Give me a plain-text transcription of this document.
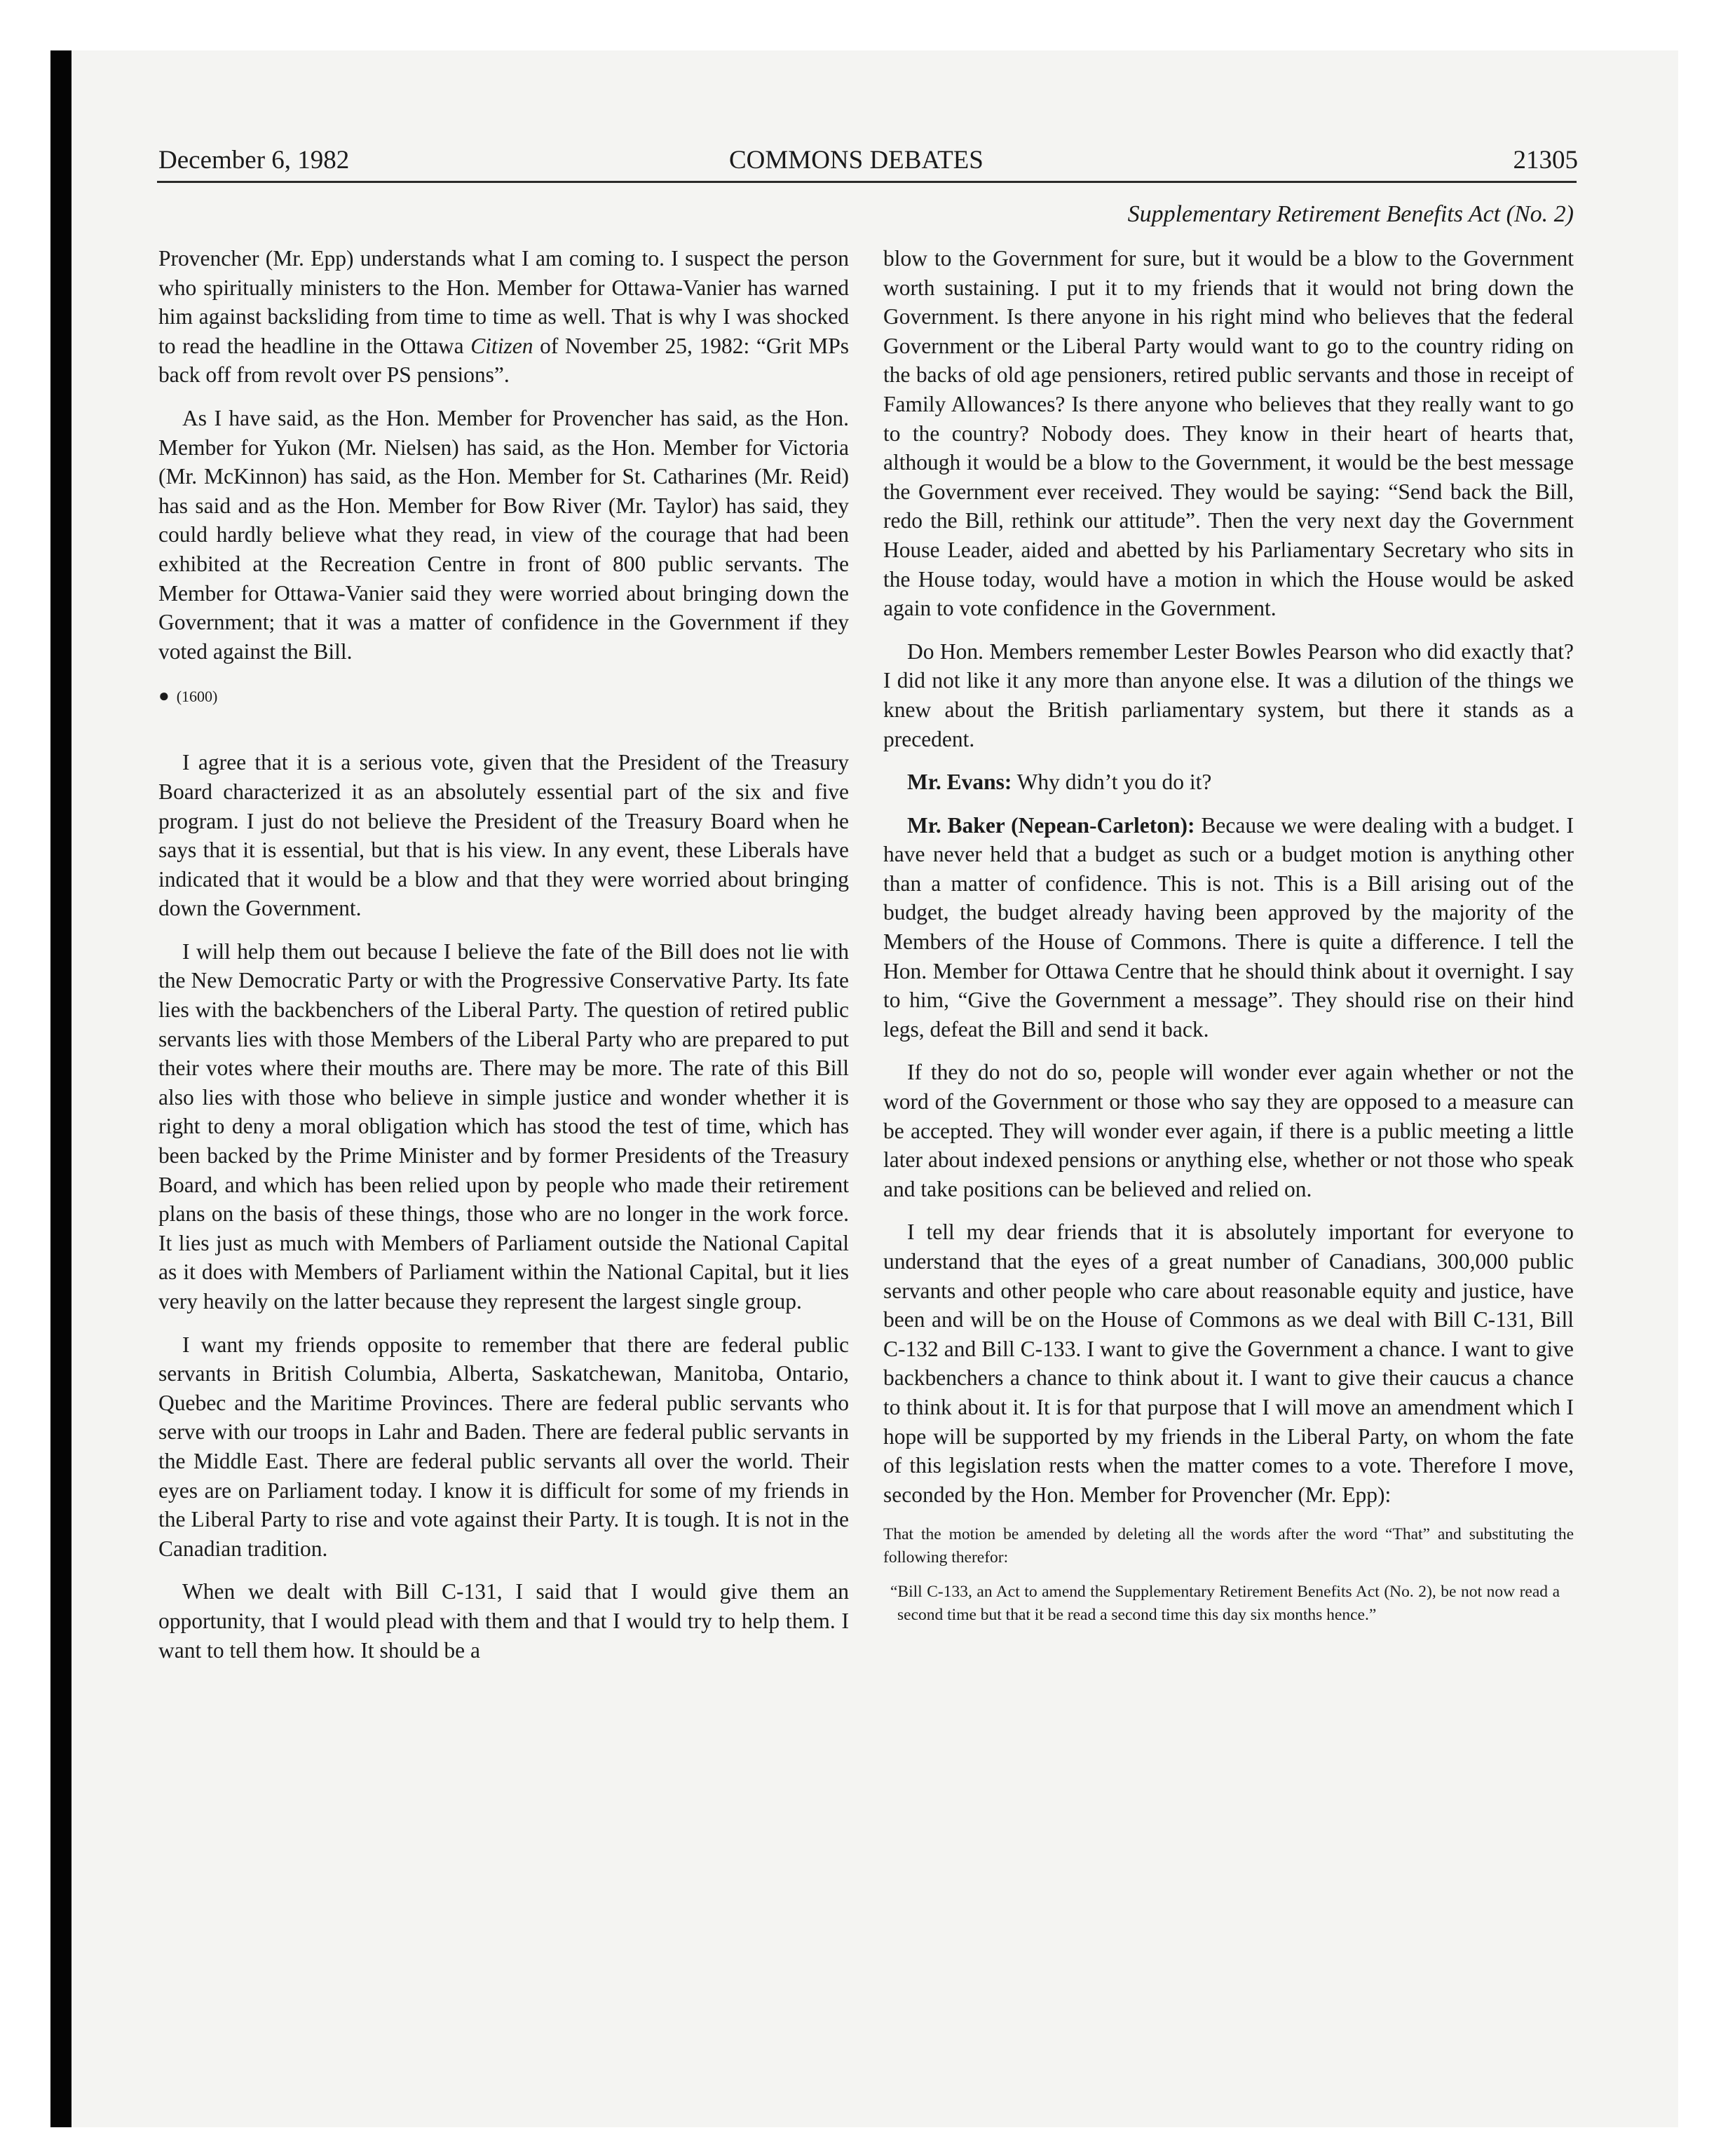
December 6, 1982	COMMONS DEBATES	21305
Supplementary Retirement Benefits Act (No. 2)

Provencher (Mr. Epp) understands what I am coming to. I suspect the person who spiritually ministers to the Hon. Member for Ottawa-Vanier has warned him against backsliding from time to time as well. That is why I was shocked to read the headline in the Ottawa Citizen of November 25, 1982: “Grit MPs back off from revolt over PS pensions”.

As I have said, as the Hon. Member for Provencher has said, as the Hon. Member for Yukon (Mr. Nielsen) has said, as the Hon. Member for Victoria (Mr. McKinnon) has said, as the Hon. Member for St. Catharines (Mr. Reid) has said and as the Hon. Member for Bow River (Mr. Taylor) has said, they could hardly believe what they read, in view of the courage that had been exhibited at the Recreation Centre in front of 800 public servants. The Member for Ottawa-Vanier said they were worried about bringing down the Government; that it was a matter of confidence in the Government if they voted against the Bill.

● (1600)

I agree that it is a serious vote, given that the President of the Treasury Board characterized it as an absolutely essential part of the six and five program. I just do not believe the President of the Treasury Board when he says that it is essential, but that is his view. In any event, these Liberals have indicated that it would be a blow and that they were worried about bringing down the Government.

I will help them out because I believe the fate of the Bill does not lie with the New Democratic Party or with the Progressive Conservative Party. Its fate lies with the backbenchers of the Liberal Party. The question of retired public servants lies with those Members of the Liberal Party who are prepared to put their votes where their mouths are. There may be more. The rate of this Bill also lies with those who believe in simple justice and wonder whether it is right to deny a moral obligation which has stood the test of time, which has been backed by the Prime Minister and by former Presidents of the Treasury Board, and which has been relied upon by people who made their retirement plans on the basis of these things, those who are no longer in the work force. It lies just as much with Members of Parliament outside the National Capital as it does with Members of Parliament within the National Capital, but it lies very heavily on the latter because they represent the largest single group.

I want my friends opposite to remember that there are federal public servants in British Columbia, Alberta, Saskatchewan, Manitoba, Ontario, Quebec and the Maritime Provinces. There are federal public servants who serve with our troops in Lahr and Baden. There are federal public servants in the Middle East. There are federal public servants all over the world. Their eyes are on Parliament today. I know it is difficult for some of my friends in the Liberal Party to rise and vote against their Party. It is tough. It is not in the Canadian tradition.

When we dealt with Bill C-131, I said that I would give them an opportunity, that I would plead with them and that I would try to help them. I want to tell them how. It should be a

blow to the Government for sure, but it would be a blow to the Government worth sustaining. I put it to my friends that it would not bring down the Government. Is there anyone in his right mind who believes that the federal Government or the Liberal Party would want to go to the country riding on the backs of old age pensioners, retired public servants and those in receipt of Family Allowances? Is there anyone who believes that they really want to go to the country? Nobody does. They know in their heart of hearts that, although it would be a blow to the Government, it would be the best message the Government ever received. They would be saying: “Send back the Bill, redo the Bill, rethink our attitude”. Then the very next day the Government House Leader, aided and abetted by his Parliamentary Secretary who sits in the House today, would have a motion in which the House would be asked again to vote confidence in the Government.

Do Hon. Members remember Lester Bowles Pearson who did exactly that? I did not like it any more than anyone else. It was a dilution of the things we knew about the British parliamentary system, but there it stands as a precedent.

Mr. Evans: Why didn’t you do it?

Mr. Baker (Nepean-Carleton): Because we were dealing with a budget. I have never held that a budget as such or a budget motion is anything other than a matter of confidence. This is not. This is a Bill arising out of the budget, the budget already having been approved by the majority of the Members of the House of Commons. There is quite a difference. I tell the Hon. Member for Ottawa Centre that he should think about it overnight. I say to him, “Give the Government a message”. They should rise on their hind legs, defeat the Bill and send it back.

If they do not do so, people will wonder ever again whether or not the word of the Government or those who say they are opposed to a measure can be accepted. They will wonder ever again, if there is a public meeting a little later about indexed pensions or anything else, whether or not those who speak and take positions can be believed and relied on.

I tell my dear friends that it is absolutely important for everyone to understand that the eyes of a great number of Canadians, 300,000 public servants and other people who care about reasonable equity and justice, have been and will be on the House of Commons as we deal with Bill C-131, Bill C-132 and Bill C-133. I want to give the Government a chance. I want to give backbenchers a chance to think about it. I want to give their caucus a chance to think about it. It is for that purpose that I will move an amendment which I hope will be supported by my friends in the Liberal Party, on whom the fate of this legislation rests when the matter comes to a vote. Therefore I move, seconded by the Hon. Member for Provencher (Mr. Epp):

That the motion be amended by deleting all the words after the word “That” and substituting the following therefor:

“Bill C-133, an Act to amend the Supplementary Retirement Benefits Act (No. 2), be not now read a second time but that it be read a second time this day six months hence.”
